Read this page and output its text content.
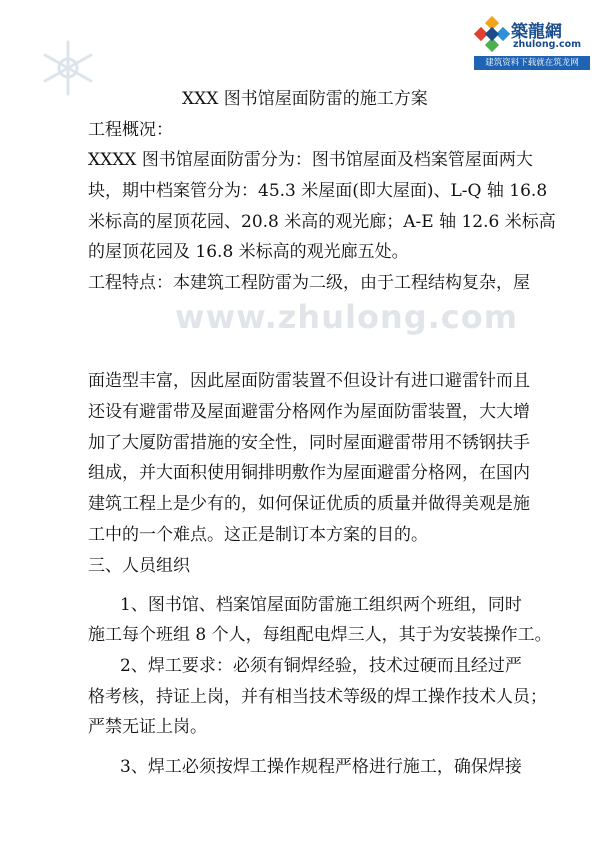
www.zhulong.com
築龍網
zhulong.com
建筑资料下载就在筑龙网
XXX 图书馆屋面防雷的施工方案
工程概况：
XXXX 图书馆屋面防雷分为：图书馆屋面及档案管屋面两大
块，期中档案管分为：45.3 米屋面(即大屋面)、L-Q 轴 16.8
米标高的屋顶花园、20.8 米高的观光廊；A-E 轴 12.6 米标高
的屋顶花园及 16.8 米标高的观光廊五处。
工程特点：本建筑工程防雷为二级，由于工程结构复杂，屋
面造型丰富，因此屋面防雷装置不但设计有进口避雷针而且
还设有避雷带及屋面避雷分格网作为屋面防雷装置，大大增
加了大厦防雷措施的安全性，同时屋面避雷带用不锈钢扶手
组成，并大面积使用铜排明敷作为屋面避雷分格网，在国内
建筑工程上是少有的，如何保证优质的质量并做得美观是施
工中的一个难点。这正是制订本方案的目的。
三、人员组织
1、图书馆、档案馆屋面防雷施工组织两个班组，同时
施工每个班组 8 个人，每组配电焊三人，其于为安装操作工。
2、焊工要求：必须有铜焊经验，技术过硬而且经过严
格考核，持证上岗，并有相当技术等级的焊工操作技术人员；
严禁无证上岗。
3、焊工必须按焊工操作规程严格进行施工，确保焊接
